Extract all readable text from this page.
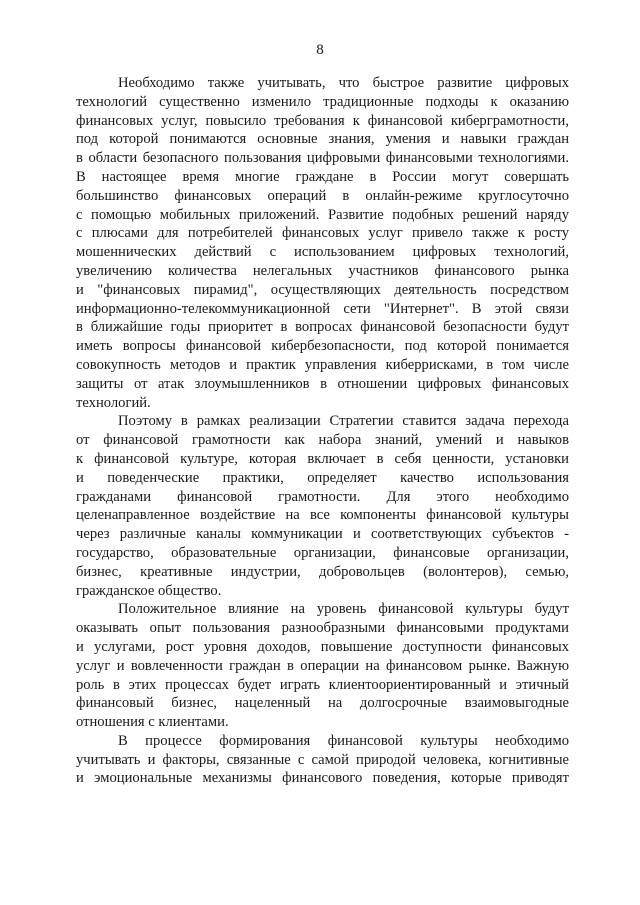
8
Необходимо также учитывать, что быстрое развитие цифровых
технологий существенно изменило традиционные подходы к оказанию
финансовых услуг, повысило требования к финансовой киберграмотности,
под которой понимаются основные знания, умения и навыки граждан
в области безопасного пользования цифровыми финансовыми технологиями.
В настоящее время многие граждане в России могут совершать
большинство финансовых операций в онлайн-режиме круглосуточно
с помощью мобильных приложений. Развитие подобных решений наряду
с плюсами для потребителей финансовых услуг привело также к росту
мошеннических действий с использованием цифровых технологий,
увеличению количества нелегальных участников финансового рынка
и "финансовых пирамид", осуществляющих деятельность посредством
информационно-телекоммуникационной сети "Интернет". В этой связи
в ближайшие годы приоритет в вопросах финансовой безопасности будут
иметь вопросы финансовой кибербезопасности, под которой понимается
совокупность методов и практик управления киберрисками, в том числе
защиты от атак злоумышленников в отношении цифровых финансовых
технологий.
Поэтому в рамках реализации Стратегии ставится задача перехода
от финансовой грамотности как набора знаний, умений и навыков
к финансовой культуре, которая включает в себя ценности, установки
и поведенческие практики, определяет качество использования
гражданами финансовой грамотности. Для этого необходимо
целенаправленное воздействие на все компоненты финансовой культуры
через различные каналы коммуникации и соответствующих субъектов -
государство, образовательные организации, финансовые организации,
бизнес, креативные индустрии, добровольцев (волонтеров), семью,
гражданское общество.
Положительное влияние на уровень финансовой культуры будут
оказывать опыт пользования разнообразными финансовыми продуктами
и услугами, рост уровня доходов, повышение доступности финансовых
услуг и вовлеченности граждан в операции на финансовом рынке. Важную
роль в этих процессах будет играть клиентоориентированный и этичный
финансовый бизнес, нацеленный на долгосрочные взаимовыгодные
отношения с клиентами.
В процессе формирования финансовой культуры необходимо
учитывать и факторы, связанные с самой природой человека, когнитивные
и эмоциональные механизмы финансового поведения, которые приводят
